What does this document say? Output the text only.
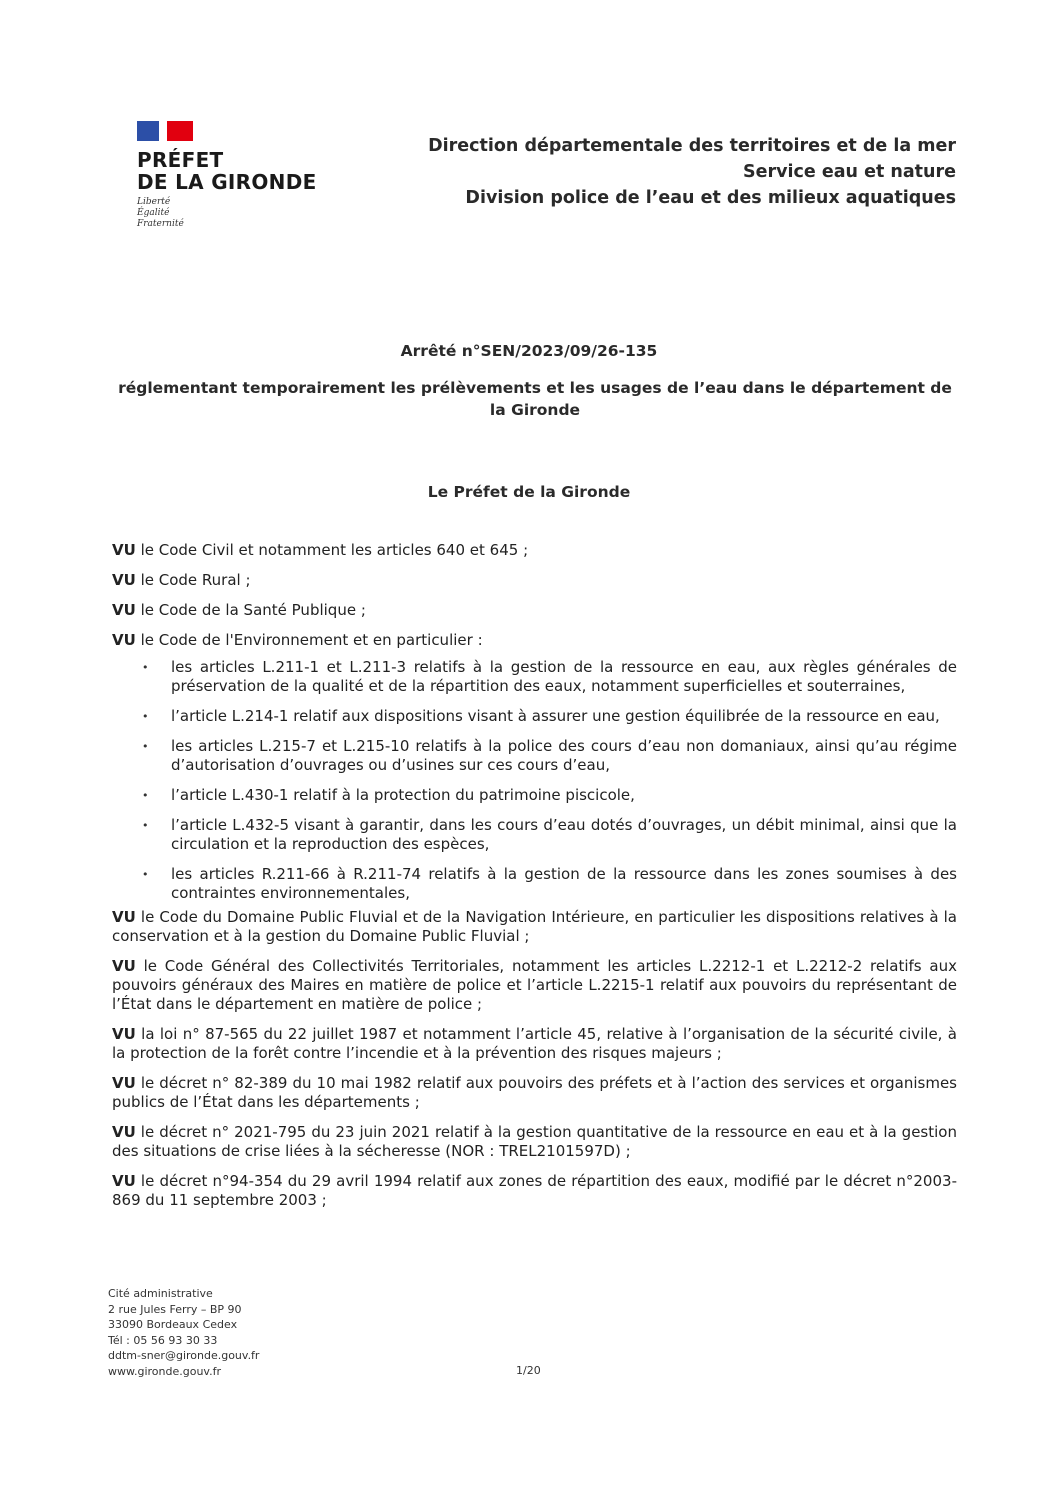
PRÉFET
DE LA GIRONDE
Liberté
Égalité
Fraternité
Direction départementale des territoires et de la mer
Service eau et nature
Division police de l’eau et des milieux aquatiques
Arrêté n°SEN/2023/09/26-135
réglementant temporairement les prélèvements et les usages de l’eau dans le département de la Gironde
Le Préfet de la Gironde

VU le Code Civil et notamment les articles 640 et 645 ;

VU le Code Rural ;

VU le Code de la Santé Publique ;

VU le Code de l'Environnement et en particulier :

• les articles L.211-1 et L.211-3 relatifs à la gestion de la ressource en eau, aux règles générales de préservation de la qualité et de la répartition des eaux, notamment superficielles et souterraines,
• l’article L.214-1 relatif aux dispositions visant à assurer une gestion équilibrée de la ressource en eau,
• les articles L.215-7 et L.215-10 relatifs à la police des cours d’eau non domaniaux, ainsi qu’au régime d’autorisation d’ouvrages ou d’usines sur ces cours d’eau,
• l’article L.430-1 relatif à la protection du patrimoine piscicole,
• l’article L.432-5 visant à garantir, dans les cours d’eau dotés d’ouvrages, un débit minimal, ainsi que la circulation et la reproduction des espèces,
• les articles R.211-66 à R.211-74 relatifs à la gestion de la ressource dans les zones soumises à des contraintes environnementales,

VU le Code du Domaine Public Fluvial et de la Navigation Intérieure, en particulier les dispositions relatives à la conservation et à la gestion du Domaine Public Fluvial ;

VU le Code Général des Collectivités Territoriales, notamment les articles L.2212-1 et L.2212-2 relatifs aux pouvoirs généraux des Maires en matière de police et l’article L.2215-1 relatif aux pouvoirs du représentant de l’État dans le département en matière de police ;

VU la loi n° 87-565 du 22 juillet 1987 et notamment l’article 45, relative à l’organisation de la sécurité civile, à la protection de la forêt contre l’incendie et à la prévention des risques majeurs ;

VU le décret n° 82-389 du 10 mai 1982 relatif aux pouvoirs des préfets et à l’action des services et organismes publics de l’État dans les départements ;

VU le décret n° 2021-795 du 23 juin 2021 relatif à la gestion quantitative de la ressource en eau et à la gestion des situations de crise liées à la sécheresse (NOR : TREL2101597D) ;

VU le décret n°94-354 du 29 avril 1994 relatif aux zones de répartition des eaux, modifié par le décret n°2003-869 du 11 septembre 2003 ;

Cité administrative
2 rue Jules Ferry – BP 90
33090 Bordeaux Cedex
Tél : 05 56 93 30 33
ddtm-sner@gironde.gouv.fr
www.gironde.gouv.fr	1/20
